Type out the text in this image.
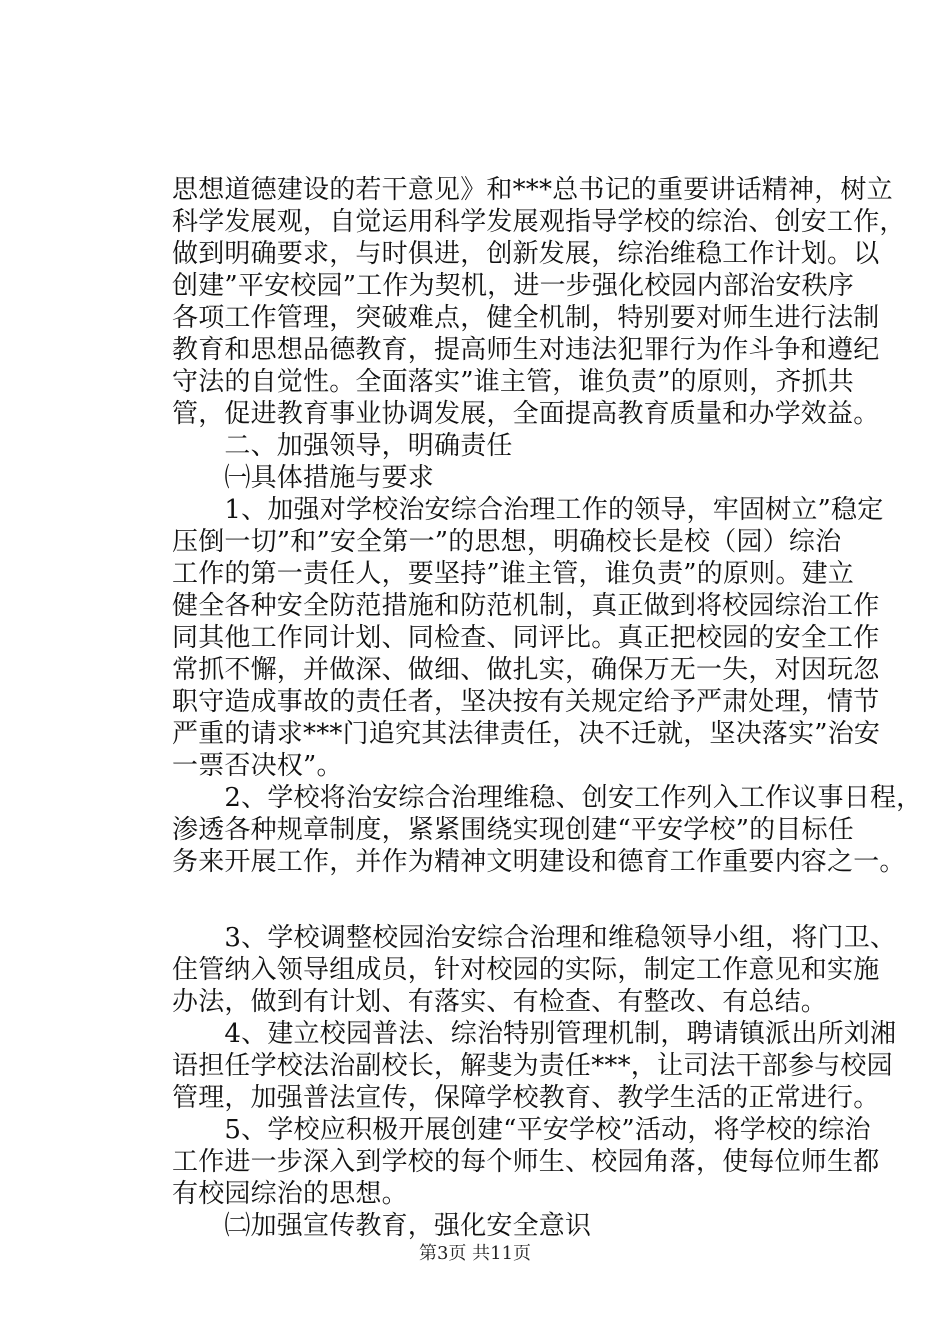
思想道德建设的若干意见》和***总书记的重要讲话精神，树立
科学发展观，自觉运用科学发展观指导学校的综治、创安工作，
做到明确要求，与时俱进，创新发展，综治维稳工作计划。以
创建”平安校园”工作为契机，进一步强化校园内部治安秩序
各项工作管理，突破难点，健全机制，特别要对师生进行法制
教育和思想品德教育，提高师生对违法犯罪行为作斗争和遵纪
守法的自觉性。全面落实”谁主管，谁负责”的原则，齐抓共
管，促进教育事业协调发展，全面提高教育质量和办学效益。
　　二、加强领导，明确责任
　　㈠具体措施与要求
　　1、加强对学校治安综合治理工作的领导，牢固树立”稳定
压倒一切”和”安全第一”的思想，明确校长是校（园）综治
工作的第一责任人，要坚持”谁主管，谁负责”的原则。建立
健全各种安全防范措施和防范机制，真正做到将校园综治工作
同其他工作同计划、同检查、同评比。真正把校园的安全工作
常抓不懈，并做深、做细、做扎实，确保万无一失，对因玩忽
职守造成事故的责任者，坚决按有关规定给予严肃处理，情节
严重的请求***门追究其法律责任，决不迁就，坚决落实”治安
一票否决权”。
　　2、学校将治安综合治理维稳、创安工作列入工作议事日程，
渗透各种规章制度，紧紧围绕实现创建“平安学校”的目标任
务来开展工作，并作为精神文明建设和德育工作重要内容之一。
　　3、学校调整校园治安综合治理和维稳领导小组，将门卫、
住管纳入领导组成员，针对校园的实际，制定工作意见和实施
办法，做到有计划、有落实、有检查、有整改、有总结。
　　4、建立校园普法、综治特别管理机制，聘请镇派出所刘湘
语担任学校法治副校长，解斐为责任***，让司法干部参与校园
管理，加强普法宣传，保障学校教育、教学生活的正常进行。
　　5、学校应积极开展创建“平安学校”活动，将学校的综治
工作进一步深入到学校的每个师生、校园角落，使每位师生都
有校园综治的思想。
　　㈡加强宣传教育，强化安全意识
第3页 共11页
